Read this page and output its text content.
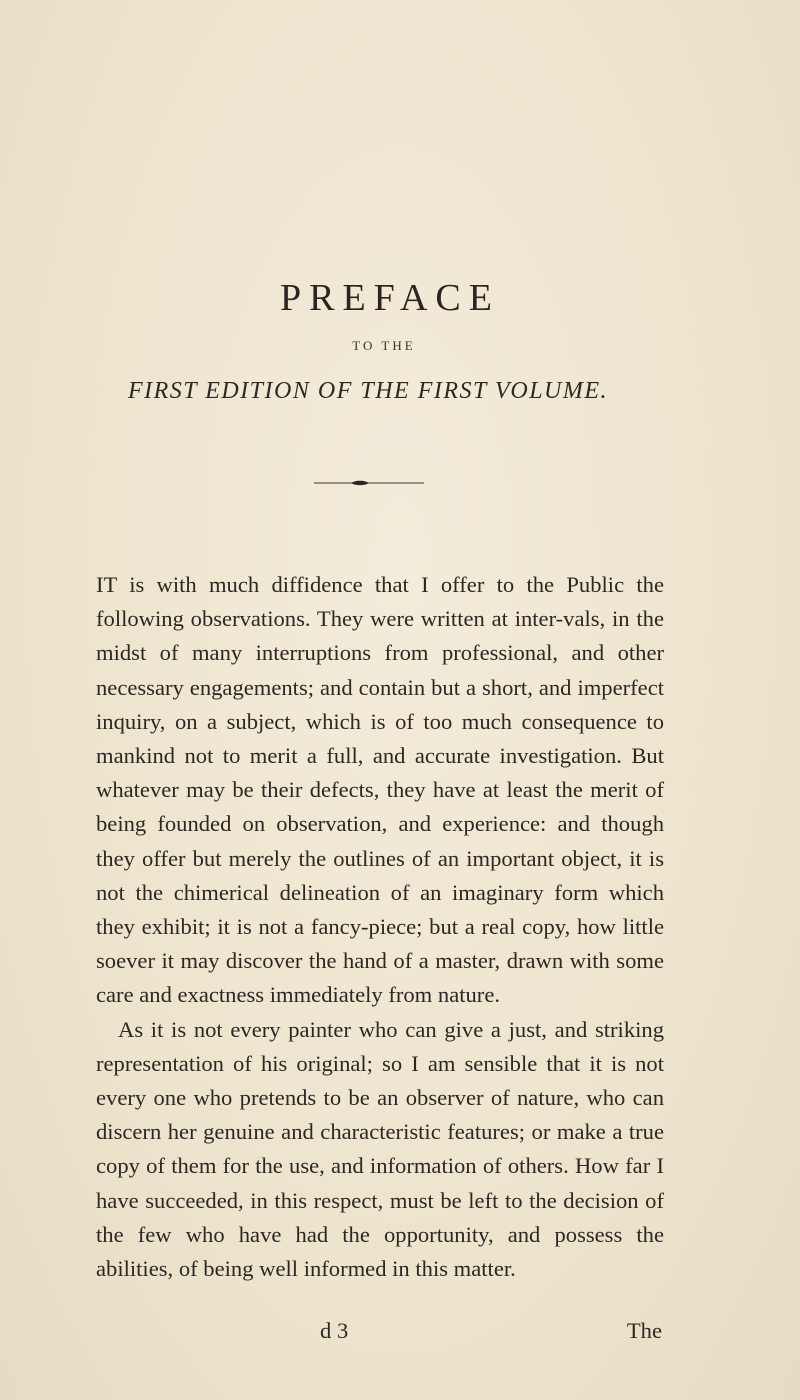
PREFACE
TO THE
FIRST EDITION OF THE FIRST VOLUME.

IT is with much diffidence that I offer to the Public the following observations. They were written at inter-vals, in the midst of many interruptions from professional, and other necessary engagements; and contain but a short, and imperfect inquiry, on a subject, which is of too much consequence to mankind not to merit a full, and accurate investigation. But whatever may be their defects, they have at least the merit of being founded on observation, and experience: and though they offer but merely the outlines of an important object, it is not the chimerical delineation of an imaginary form which they exhibit; it is not a fancy-piece; but a real copy, how little soever it may discover the hand of a master, drawn with some care and exactness immediately from nature.

As it is not every painter who can give a just, and striking representation of his original; so I am sensible that it is not every one who pretends to be an observer of nature, who can discern her genuine and characteristic features; or make a true copy of them for the use, and information of others. How far I have succeeded, in this respect, must be left to the decision of the few who have had the opportunity, and possess the abilities, of being well informed in this matter.

d 3	The
